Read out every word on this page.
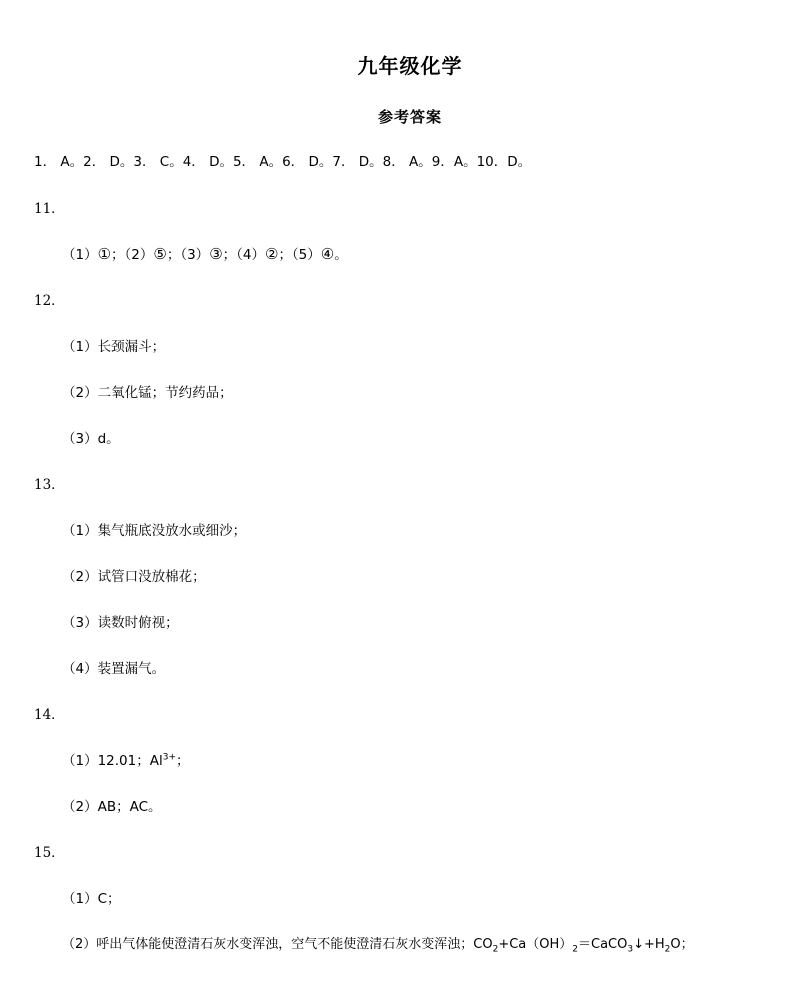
九年级化学
参考答案
1． A。2． D。3． C。4． D。5． A。6． D。7． D。8． A。9．A。10．D。
11．
（1）①；（2）⑤；（3）③；（4）②；（5）④。
12．
（1）长颈漏斗；
（2）二氧化锰；节约药品；
（3）d。
13．
（1）集气瓶底没放水或细沙；
（2）试管口没放棉花；
（3）读数时俯视；
（4）装置漏气。
14．
（1）12.01；$Al^{3+}$；
（2）AB；AC。
15．
（1）C；
（2）呼出气体能使澄清石灰水变浑浊，空气不能使澄清石灰水变浑浊；$CO_2+Ca(OH)_2=CaCO_3↓+H_2O$；
